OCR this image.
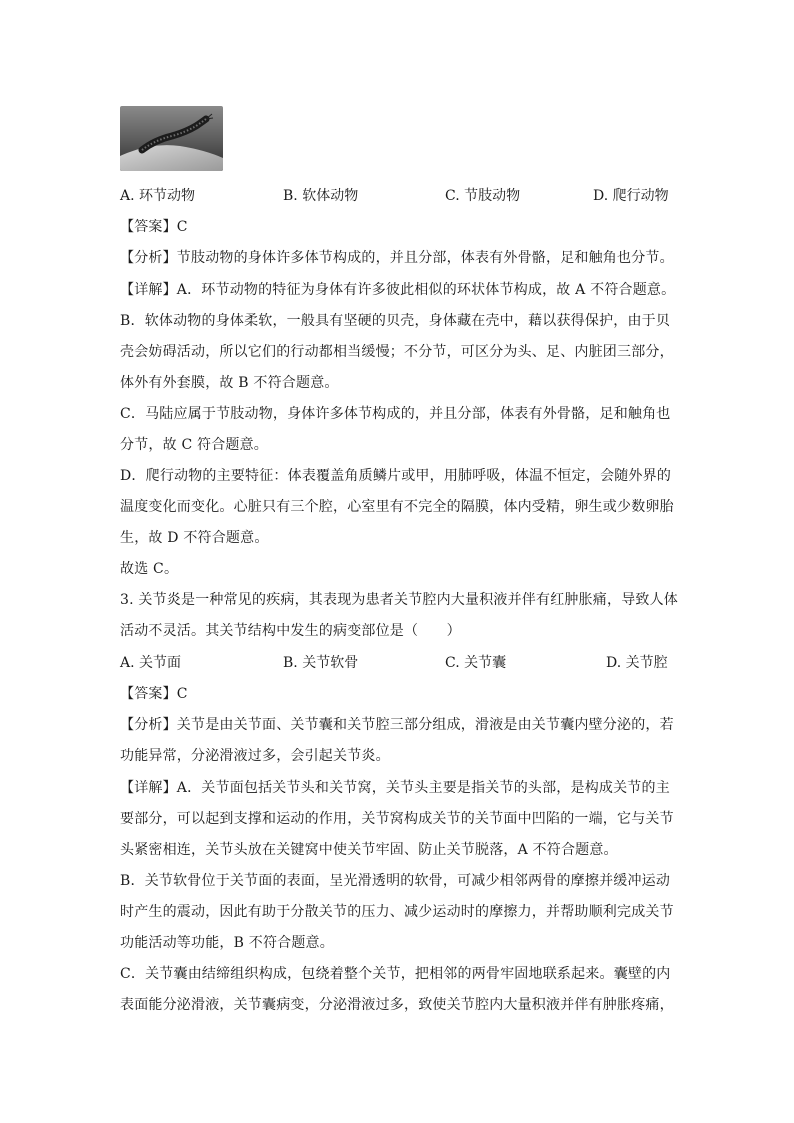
A. 环节动物	B. 软体动物	C. 节肢动物	D. 爬行动物
【答案】C
【分析】节肢动物的身体许多体节构成的，并且分部，体表有外骨骼，足和触角也分节。
【详解】A．环节动物的特征为身体有许多彼此相似的环状体节构成，故 A 不符合题意。
B．软体动物的身体柔软，一般具有坚硬的贝壳，身体藏在壳中，藉以获得保护，由于贝
壳会妨碍活动，所以它们的行动都相当缓慢；不分节，可区分为头、足、内脏团三部分，
体外有外套膜，故 B 不符合题意。
C．马陆应属于节肢动物，身体许多体节构成的，并且分部，体表有外骨骼，足和触角也
分节，故 C 符合题意。
D．爬行动物的主要特征：体表覆盖角质鳞片或甲，用肺呼吸，体温不恒定，会随外界的
温度变化而变化。心脏只有三个腔，心室里有不完全的隔膜，体内受精，卵生或少数卵胎
生，故 D 不符合题意。
故选 C。
3. 关节炎是一种常见的疾病，其表现为患者关节腔内大量积液并伴有红肿胀痛，导致人体
活动不灵活。其关节结构中发生的病变部位是（　　）
A. 关节面	B. 关节软骨	C. 关节囊	D. 关节腔
【答案】C
【分析】关节是由关节面、关节囊和关节腔三部分组成，滑液是由关节囊内壁分泌的，若
功能异常，分泌滑液过多，会引起关节炎。
【详解】A．关节面包括关节头和关节窝，关节头主要是指关节的头部，是构成关节的主
要部分，可以起到支撑和运动的作用，关节窝构成关节的关节面中凹陷的一端，它与关节
头紧密相连，关节头放在关键窝中使关节牢固、防止关节脱落，A 不符合题意。
B．关节软骨位于关节面的表面，呈光滑透明的软骨，可减少相邻两骨的摩擦并缓冲运动
时产生的震动，因此有助于分散关节的压力、减少运动时的摩擦力，并帮助顺利完成关节
功能活动等功能，B 不符合题意。
C．关节囊由结缔组织构成，包绕着整个关节，把相邻的两骨牢固地联系起来。囊壁的内
表面能分泌滑液，关节囊病变，分泌滑液过多，致使关节腔内大量积液并伴有肿胀疼痛，
